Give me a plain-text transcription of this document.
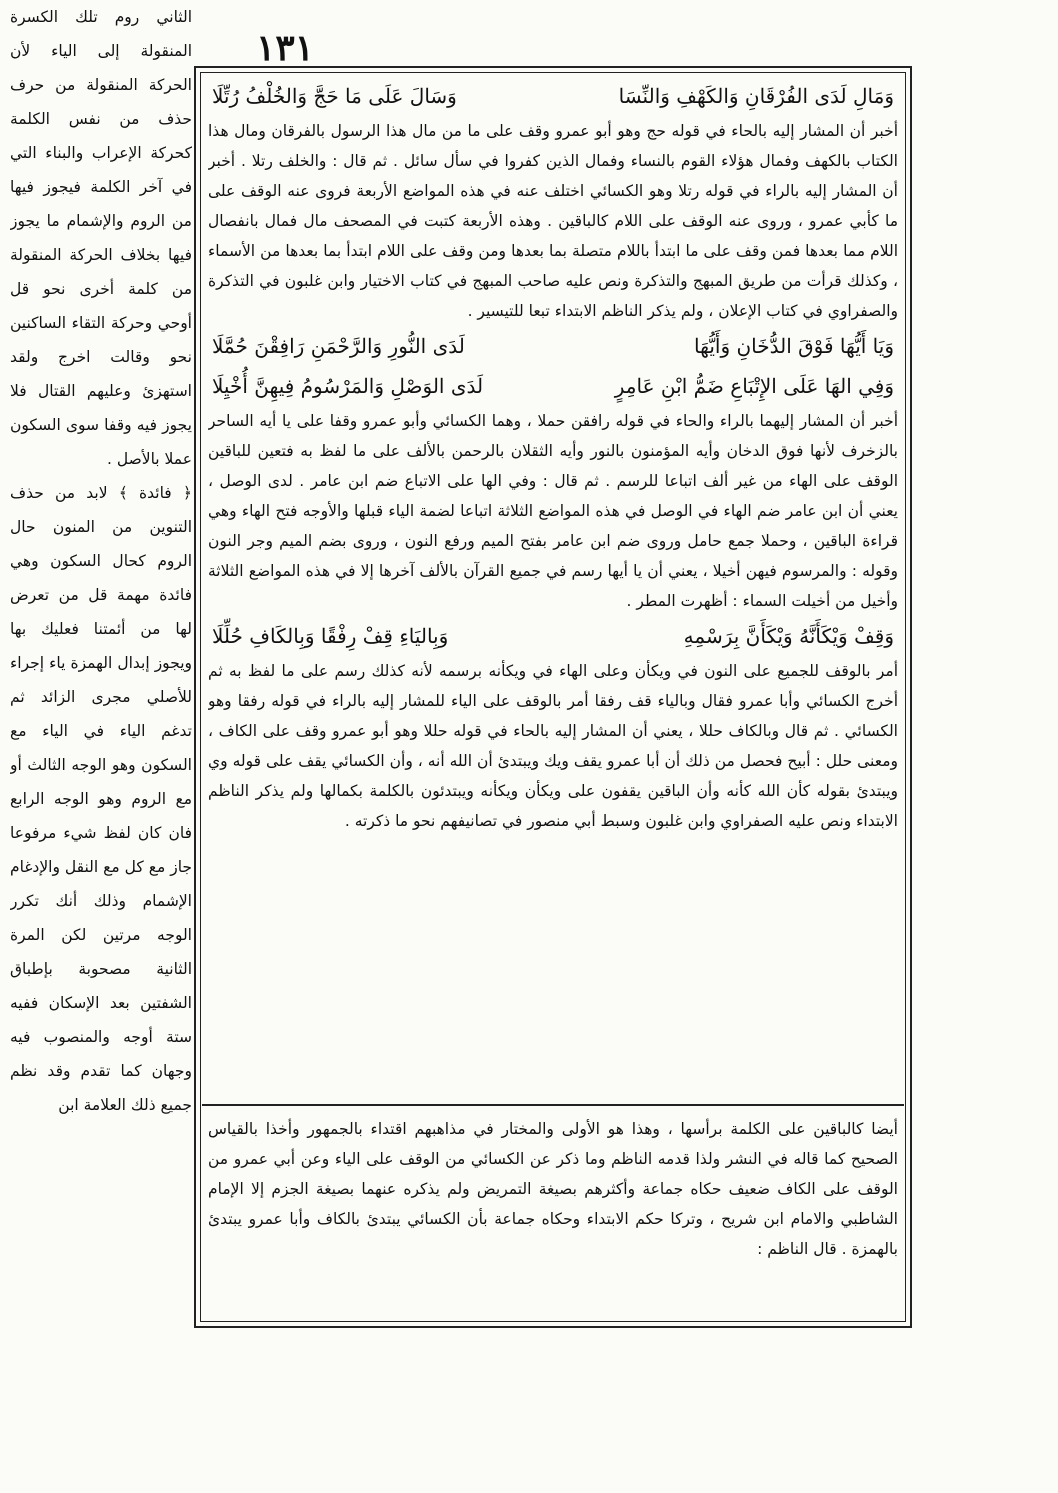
١٣١

الثاني روم تلك الكسرة المنقولة إلى الياء لأن الحركة المنقولة من حرف حذف من نفس الكلمة كحركة الإعراب والبناء التي في آخر الكلمة فيجوز فيها من الروم والإشمام ما يجوز فيها بخلاف الحركة المنقولة من كلمة أخرى نحو قل أوحي وحركة التقاء الساكنين نحو وقالت اخرج ولقد استهزئ وعليهم القتال فلا يجوز فيه وقفا سوى السكون عملا بالأصل .

﴿ فائدة ﴾ لابد من حذف التنوين من المنون حال الروم كحال السكون وهي فائدة مهمة قل من تعرض لها من أئمتنا فعليك بها ويجوز إبدال الهمزة ياء إجراء للأصلي مجرى الزائد ثم تدغم الياء في الياء مع السكون وهو الوجه الثالث أو مع الروم وهو الوجه الرابع فان كان لفظ شيء مرفوعا جاز مع كل مع النقل والإدغام الإشمام وذلك أنك تكرر الوجه مرتين لكن المرة الثانية مصحوبة بإطباق الشفتين بعد الإسكان ففيه ستة أوجه والمنصوب فيه وجهان كما تقدم وقد نظم جميع ذلك العلامة ابن

وَمَالِ لَدَى الفُرْقَانِ وَالكَهْفِ وَالنِّسَا
وَسَالَ عَلَى مَا حَجَّ وَالخُلْفُ رُتِّلَا

أخبر أن المشار إليه بالحاء في قوله حج وهو أبو عمرو وقف على ما من مال هذا الرسول بالفرقان ومال هذا الكتاب بالكهف وفمال هؤلاء القوم بالنساء وفمال الذين كفروا في سأل سائل . ثم قال : والخلف رتلا . أخبر أن المشار إليه بالراء في قوله رتلا وهو الكسائي اختلف عنه في هذه المواضع الأربعة فروى عنه الوقف على ما كأبي عمرو ، وروى عنه الوقف على اللام كالباقين . وهذه الأربعة كتبت في المصحف مال فمال بانفصال اللام مما بعدها فمن وقف على ما ابتدأ باللام متصلة بما بعدها ومن وقف على اللام ابتدأ بما بعدها من الأسماء ، وكذلك قرأت من طريق المبهج والتذكرة ونص عليه صاحب المبهج في كتاب الاختيار وابن غلبون في التذكرة والصفراوي في كتاب الإعلان ، ولم يذكر الناظم الابتداء تبعا للتيسير .

وَيَا أَيُّهَا فَوْقَ الدُّخَانِ وَأَيُّهَا
لَدَى النُّورِ وَالرَّحْمَنِ رَافِقْنَ حُمَّلَا
وَفِي الهَا عَلَى الإِتْبَاعِ ضَمُّ ابْنِ عَامِرٍ
لَدَى الوَصْلِ وَالمَرْسُومُ فِيهِنَّ أُخْيِلَا

أخبر أن المشار إليهما بالراء والحاء في قوله رافقن حملا ، وهما الكسائي وأبو عمرو وقفا على يا أيه الساحر بالزخرف لأنها فوق الدخان وأيه المؤمنون بالنور وأيه الثقلان بالرحمن بالألف على ما لفظ به فتعين للباقين الوقف على الهاء من غير ألف اتباعا للرسم . ثم قال : وفي الها على الاتباع ضم ابن عامر . لدى الوصل ، يعني أن ابن عامر ضم الهاء في الوصل في هذه المواضع الثلاثة اتباعا لضمة الياء قبلها والأوجه فتح الهاء وهي قراءة الباقين ، وحملا جمع حامل وروى ضم ابن عامر بفتح الميم ورفع النون ، وروى بضم الميم وجر النون وقوله : والمرسوم فيهن أخيلا ، يعني أن يا أيها رسم في جميع القرآن بالألف آخرها إلا في هذه المواضع الثلاثة وأخيل من أخيلت السماء : أظهرت المطر .

وَقِفْ وَيْكَأَنَّهُ وَيْكَأَنَّ بِرَسْمِهِ
وَبِاليَاءِ قِفْ رِفْقًا وَبِالكَافِ حُلِّلَا

أمر بالوقف للجميع على النون في ويكأن وعلى الهاء في ويكأنه برسمه لأنه كذلك رسم على ما لفظ به ثم أخرج الكسائي وأبا عمرو فقال وبالياء قف رفقا أمر بالوقف على الياء للمشار إليه بالراء في قوله رفقا وهو الكسائي . ثم قال وبالكاف حللا ، يعني أن المشار إليه بالحاء في قوله حللا وهو أبو عمرو وقف على الكاف ، ومعنى حلل : أبيح فحصل من ذلك أن أبا عمرو يقف ويك ويبتدئ أن الله أنه ، وأن الكسائي يقف على قوله وي ويبتدئ بقوله كأن الله كأنه وأن الباقين يقفون على ويكأن ويكأنه ويبتدئون بالكلمة بكمالها ولم يذكر الناظم الابتداء ونص عليه الصفراوي وابن غلبون وسبط أبي منصور في تصانيفهم نحو ما ذكرته .

أيضا كالباقين على الكلمة برأسها ، وهذا هو الأولى والمختار في مذاهبهم اقتداء بالجمهور وأخذا بالقياس الصحيح كما قاله في النشر ولذا قدمه الناظم وما ذكر عن الكسائي من الوقف على الياء وعن أبي عمرو من الوقف على الكاف ضعيف حكاه جماعة وأكثرهم بصيغة التمريض ولم يذكره عنهما بصيغة الجزم إلا الإمام الشاطبي والامام ابن شريح ، وتركا حكم الابتداء وحكاه جماعة بأن الكسائي يبتدئ بالكاف وأبا عمرو يبتدئ بالهمزة . قال الناظم :
